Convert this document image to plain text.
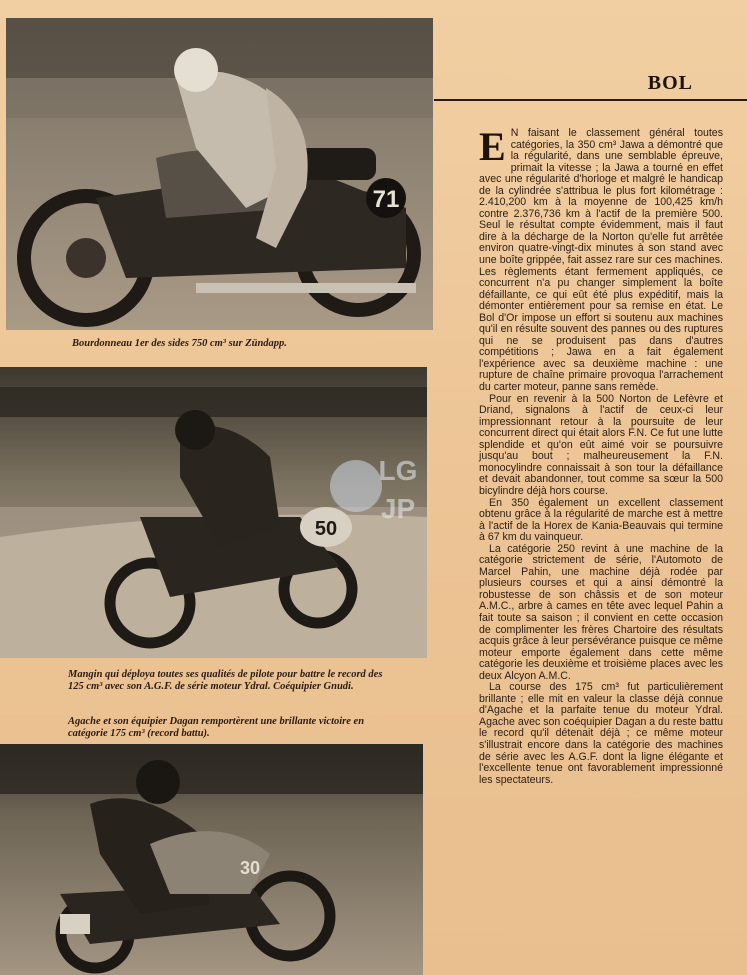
71
Bourdonneau 1er des sides 750 cm³ sur Zündapp.
50
Mangin qui déploya toutes ses qualités de pilote pour battre le record des 125 cm³ avec son A.G.F. de série moteur Ydral. Coéquipier Gnudi.
Agache et son équipier Dagan remportèrent une brillante victoire en catégorie 175 cm³ (record battu).
30
LG
JP
BOL

E N faisant le classement général toutes catégories, la 350 cm³ Jawa a démontré que la régularité, dans une semblable épreuve, primait la vitesse ; la Jawa a tourné en effet avec une régularité d'horloge et malgré le handicap de la cylindrée s'attribua le plus fort kilométrage : 2.410,200 km à la moyenne de 100,425 km/h contre 2.376,736 km à l'actif de la première 500. Seul le résultat compte évidemment, mais il faut dire à la décharge de la Norton qu'elle fut arrêtée environ quatre-vingt-dix minutes à son stand avec une boîte grippée, fait assez rare sur ces machines. Les règlements étant fermement appliqués, ce concurrent n'a pu changer simplement la boîte défaillante, ce qui eût été plus expéditif, mais la démonter entièrement pour sa remise en état. Le Bol d'Or impose un effort si soutenu aux machines qu'il en résulte souvent des pannes ou des ruptures qui ne se produisent pas dans d'autres compétitions ; Jawa en a fait également l'expérience avec sa deuxième machine : une rupture de chaîne primaire provoqua l'arrachement du carter moteur, panne sans remède.

Pour en revenir à la 500 Norton de Lefèvre et Driand, signalons à l'actif de ceux-ci leur impressionnant retour à la poursuite de leur concurrent direct qui était alors F.N. Ce fut une lutte splendide et qu'on eût aimé voir se poursuivre jusqu'au bout ; malheureusement la F.N. monocylindre connaissait à son tour la défaillance et devait abandonner, tout comme sa sœur la 500 bicylindre déjà hors course.

En 350 également un excellent classement obtenu grâce à la régularité de marche est à mettre à l'actif de la Horex de Kania-Beauvais qui termine à 67 km du vainqueur.

La catégorie 250 revint à une machine de la catégorie strictement de série, l'Automoto de Marcel Pahin, une machine déjà rodée par plusieurs courses et qui a ainsi démontré la robustesse de son châssis et de son moteur A.M.C., arbre à cames en tête avec lequel Pahin a fait toute sa saison ; il convient en cette occasion de complimenter les frères Chartoire des résultats acquis grâce à leur persévérance puisque ce même moteur emporte également dans cette même catégorie les deuxième et troisième places avec les deux Alcyon A.M.C.

La course des 175 cm³ fut particulièrement brillante ; elle mit en valeur la classe déjà connue d'Agache et la parfaite tenue du moteur Ydral. Agache avec son coéquipier Dagan a du reste battu le record qu'il détenait déjà ; ce même moteur s'illustrait encore dans la catégorie des machines de série avec les A.G.F. dont la ligne élégante et l'excellente tenue ont favorablement impressionné les spectateurs.
